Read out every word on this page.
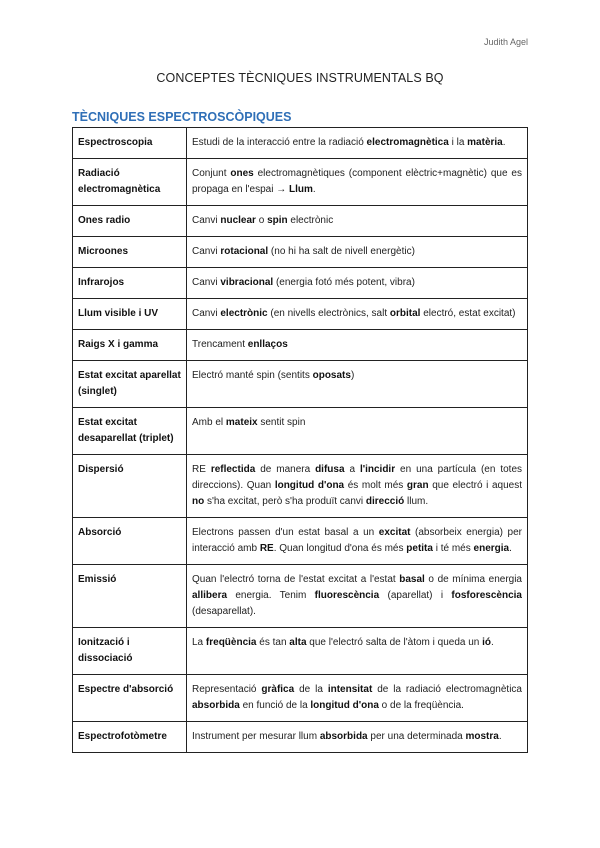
Judith Agel
CONCEPTES TÈCNIQUES INSTRUMENTALS BQ
TÈCNIQUES ESPECTROSCÒPIQUES
Espectroscopia	Estudi de la interacció entre la radiació electromagnètica i la matèria.
Radiació electromagnètica	Conjunt ones electromagnètiques (component elèctric+magnètic) que es propaga en l'espai → Llum.
Ones radio	Canvi nuclear o spin electrònic
Microones	Canvi rotacional (no hi ha salt de nivell energètic)
Infrarojos	Canvi vibracional (energia fotó més potent, vibra)
Llum visible i UV	Canvi electrònic (en nivells electrònics, salt orbital electró, estat excitat)
Raigs X i gamma	Trencament enllaços
Estat excitat aparellat (singlet)	Electró manté spin (sentits oposats)
Estat excitat desaparellat (triplet)	Amb el mateix sentit spin
Dispersió	RE reflectida de manera difusa a l'incidir en una partícula (en totes direccions). Quan longitud d'ona és molt més gran que electró i aquest no s'ha excitat, però s'ha produït canvi direcció llum.
Absorció	Electrons passen d'un estat basal a un excitat (absorbeix energia) per interacció amb RE. Quan longitud d'ona és més petita i té més energia.
Emissió	Quan l'electró torna de l'estat excitat a l'estat basal o de mínima energia allibera energia. Tenim fluorescència (aparellat) i fosforescència (desaparellat).
Ionització i dissociació	La freqüència és tan alta que l'electró salta de l'àtom i queda un ió.
Espectre d'absorció	Representació gràfica de la intensitat de la radiació electromagnètica absorbida en funció de la longitud d'ona o de la freqüència.
Espectrofotòmetre	Instrument per mesurar llum absorbida per una determinada mostra.
